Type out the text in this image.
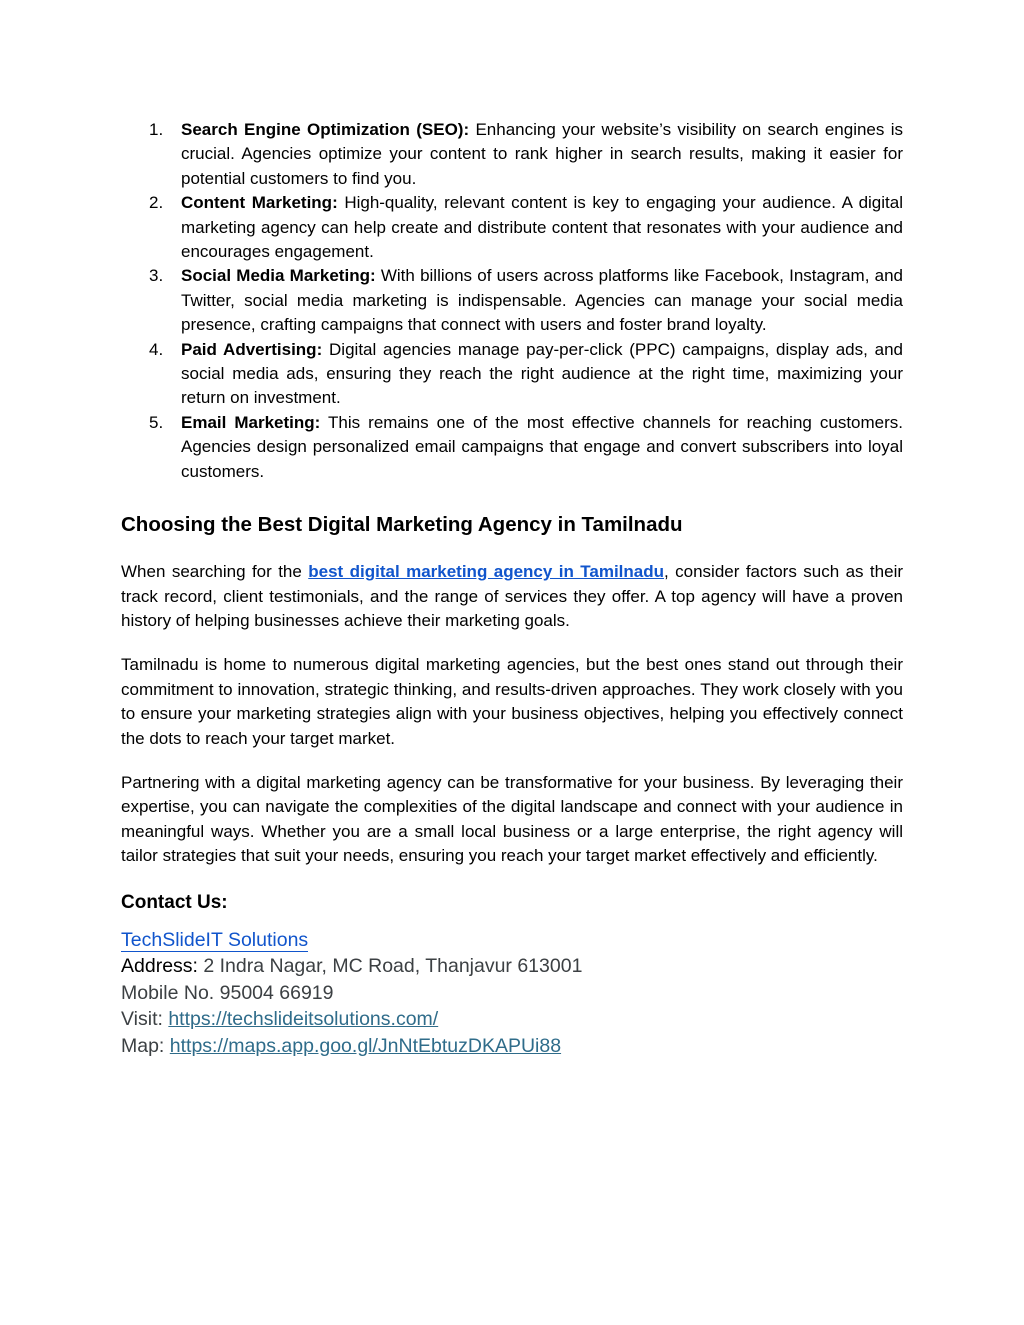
1. Search Engine Optimization (SEO): Enhancing your website’s visibility on search engines is crucial. Agencies optimize your content to rank higher in search results, making it easier for potential customers to find you.
2. Content Marketing: High-quality, relevant content is key to engaging your audience. A digital marketing agency can help create and distribute content that resonates with your audience and encourages engagement.
3. Social Media Marketing: With billions of users across platforms like Facebook, Instagram, and Twitter, social media marketing is indispensable. Agencies can manage your social media presence, crafting campaigns that connect with users and foster brand loyalty.
4. Paid Advertising: Digital agencies manage pay-per-click (PPC) campaigns, display ads, and social media ads, ensuring they reach the right audience at the right time, maximizing your return on investment.
5. Email Marketing: This remains one of the most effective channels for reaching customers. Agencies design personalized email campaigns that engage and convert subscribers into loyal customers.
Choosing the Best Digital Marketing Agency in Tamilnadu

When searching for the best digital marketing agency in Tamilnadu, consider factors such as their track record, client testimonials, and the range of services they offer. A top agency will have a proven history of helping businesses achieve their marketing goals.

Tamilnadu is home to numerous digital marketing agencies, but the best ones stand out through their commitment to innovation, strategic thinking, and results-driven approaches. They work closely with you to ensure your marketing strategies align with your business objectives, helping you effectively connect the dots to reach your target market.

Partnering with a digital marketing agency can be transformative for your business. By leveraging their expertise, you can navigate the complexities of the digital landscape and connect with your audience in meaningful ways. Whether you are a small local business or a large enterprise, the right agency will tailor strategies that suit your needs, ensuring you reach your target market effectively and efficiently.

Contact Us:
TechSlideIT Solutions
Address: 2 Indra Nagar, MC Road, Thanjavur 613001
Mobile No. 95004 66919
Visit: https://techslideitsolutions.com/
Map: https://maps.app.goo.gl/JnNtEbtuzDKAPUi88
